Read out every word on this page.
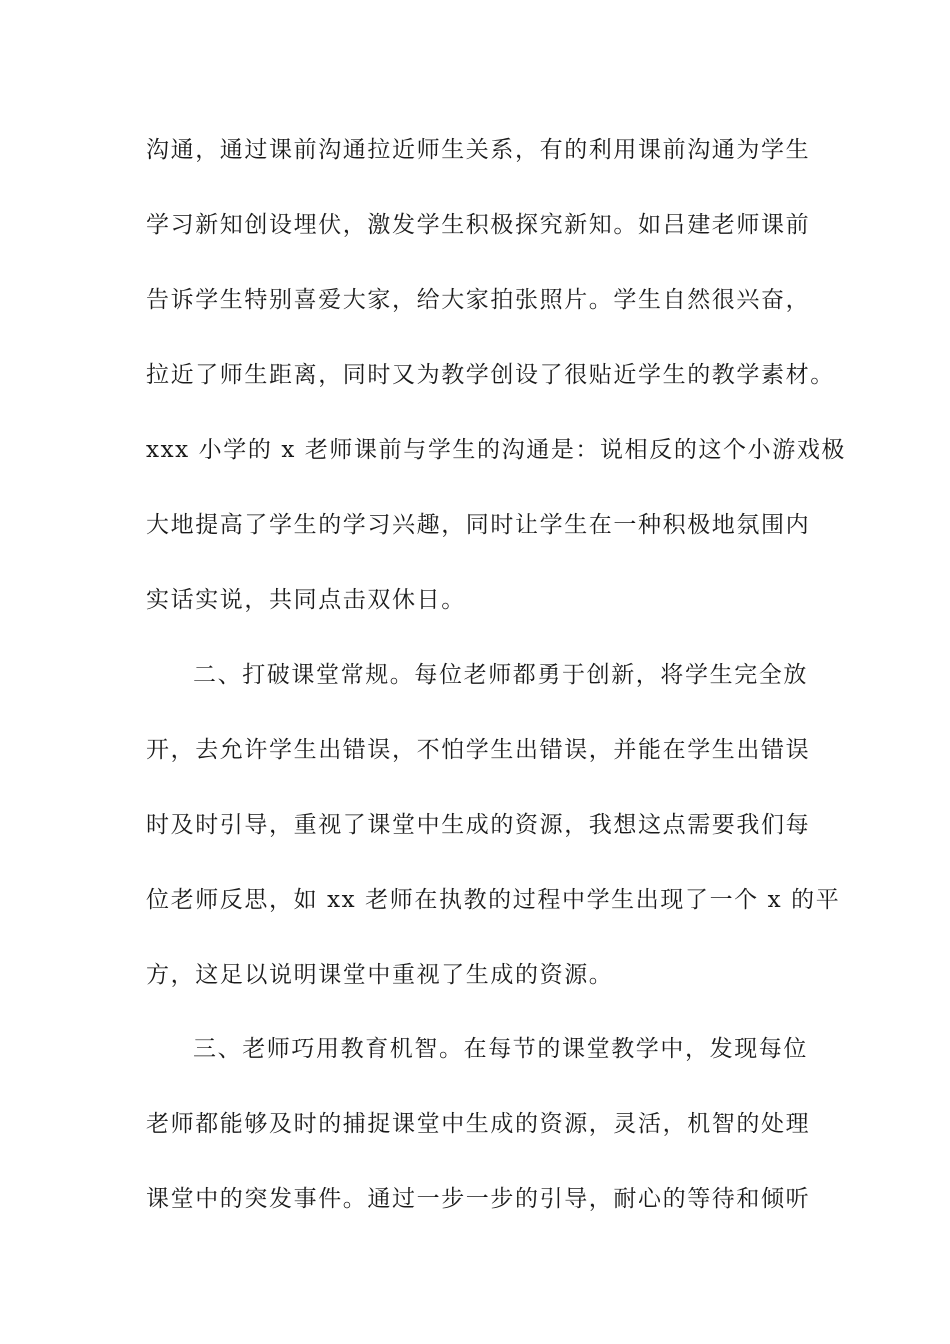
沟通，通过课前沟通拉近师生关系，有的利用课前沟通为学生
学习新知创设埋伏，激发学生积极探究新知。如吕建老师课前
告诉学生特别喜爱大家，给大家拍张照片。学生自然很兴奋，
拉近了师生距离，同时又为教学创设了很贴近学生的教学素材。
xxx 小学的 x 老师课前与学生的沟通是：说相反的这个小游戏极
大地提高了学生的学习兴趣，同时让学生在一种积极地氛围内
实话实说，共同点击双休日。
二、打破课堂常规。每位老师都勇于创新，将学生完全放
开，去允许学生出错误，不怕学生出错误，并能在学生出错误
时及时引导，重视了课堂中生成的资源，我想这点需要我们每
位老师反思，如 xx 老师在执教的过程中学生出现了一个 x 的平
方，这足以说明课堂中重视了生成的资源。
三、老师巧用教育机智。在每节的课堂教学中，发现每位
老师都能够及时的捕捉课堂中生成的资源，灵活，机智的处理
课堂中的突发事件。通过一步一步的引导，耐心的等待和倾听
